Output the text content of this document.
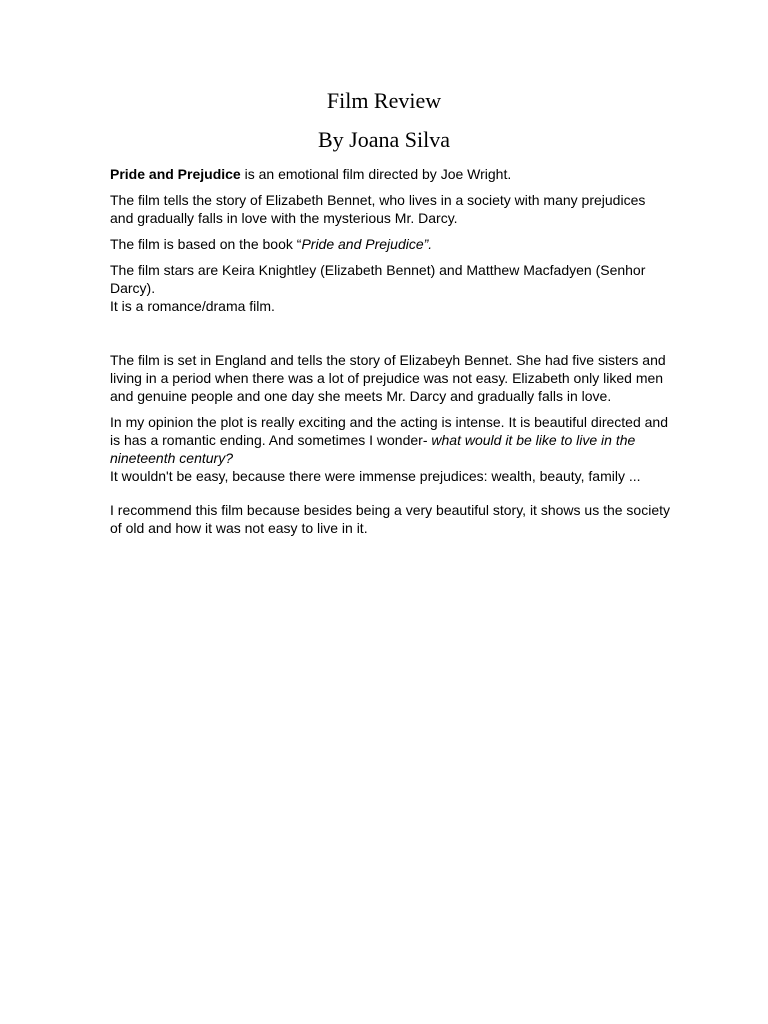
Film Review
By Joana Silva

Pride and Prejudice is an emotional film directed by Joe Wright.

The film tells the story of Elizabeth Bennet, who lives in a society with many prejudices and gradually falls in love with the mysterious Mr. Darcy.

The film is based on the book “Pride and Prejudice”.

The film stars are Keira Knightley (Elizabeth Bennet) and Matthew Macfadyen (Senhor Darcy).

It is a romance/drama film.

The film is set in England and tells the story of Elizabeyh Bennet. She had five sisters and living in a period when there was a lot of prejudice was not easy. Elizabeth only liked men and genuine people and one day she meets Mr. Darcy and gradually falls in love.

In my opinion the plot is really exciting and the acting is intense. It is beautiful directed and is has a romantic ending. And sometimes I wonder- what would it be like to live in the nineteenth century?

It wouldn't be easy, because there were immense prejudices: wealth, beauty, family ...

I recommend this film because besides being a very beautiful story, it shows us the society of old and how it was not easy to live in it.
